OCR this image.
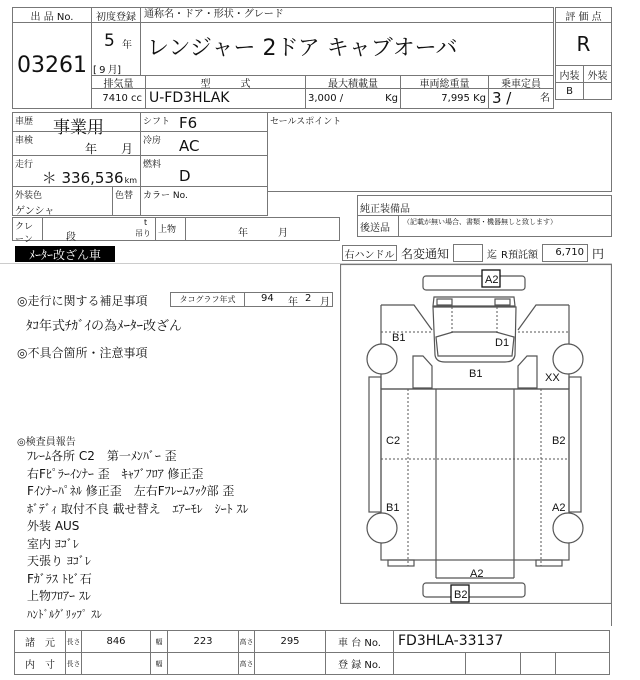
出 品 No.
03261
初度登録
5 年
[ 9 月]
通称名・ドア・形状・グレード
レンジャー 2ドア キャブオーバ
排気量	型　　　式	最大積載量	車両総重量	乗車定員
7410 cc U-FD3HLAK	3,000 /	Kg	7,995 Kg 3 /	名
評 価 点
R
内装 外装
B
車歴 事業用	シフト F6
車検
年　　月
冷房 AC
走行
＊ 336,536 km
燃料
D
外装色
ゲンシャ
色替 カラー No.
セールスポイント
クレーン	段
t
吊り 上物	年　　　月
純正装備品
後送品
（記載が無い場合、書類・機器無しと致します）
ﾒｰﾀｰ改ざん車	右ハンドル 名変通知	迄 R預託額	6,710 円
◎走行に関する補足事項	タコグラフ年式	94 年 2 月
ﾀｺ年式ﾁｶﾞｲの為ﾒｰﾀｰ改ざん
◎不具合箇所・注意事項
◎検査員報告
ﾌﾚｰﾑ各所 C2　第一ﾒﾝﾊﾞｰ 歪
右Fﾋﾟﾗｰｲﾝﾅｰ 歪　ｷｬﾌﾞﾌﾛｱ 修正歪
Fｲﾝﾅｰﾊﾟﾈﾙ 修正歪　左右Fﾌﾚｰﾑﾌｯｸ部 歪
ﾎﾞﾃﾞｨ 取付不良 載せ替え　ｴｱｰﾓﾚ　ｼｰﾄ ｽﾚ
外装 AUS
室内 ﾖｺﾞﾚ
天張り ﾖｺﾞﾚ
Fｶﾞﾗｽ ﾄﾋﾞ石
上物ﾌﾛｱｰ ｽﾚ
ﾊﾝﾄﾞﾙｸﾞﾘｯﾌﾟ ｽﾚ
A2
B1	D1
B1	XX
C2	B2
B1	A2
A2
B2
諸　元	長さ	846	幅	223	高さ	295	車 台 No.	FD3HLA-33137
内　寸	長さ	幅	高さ	登 録 No.
